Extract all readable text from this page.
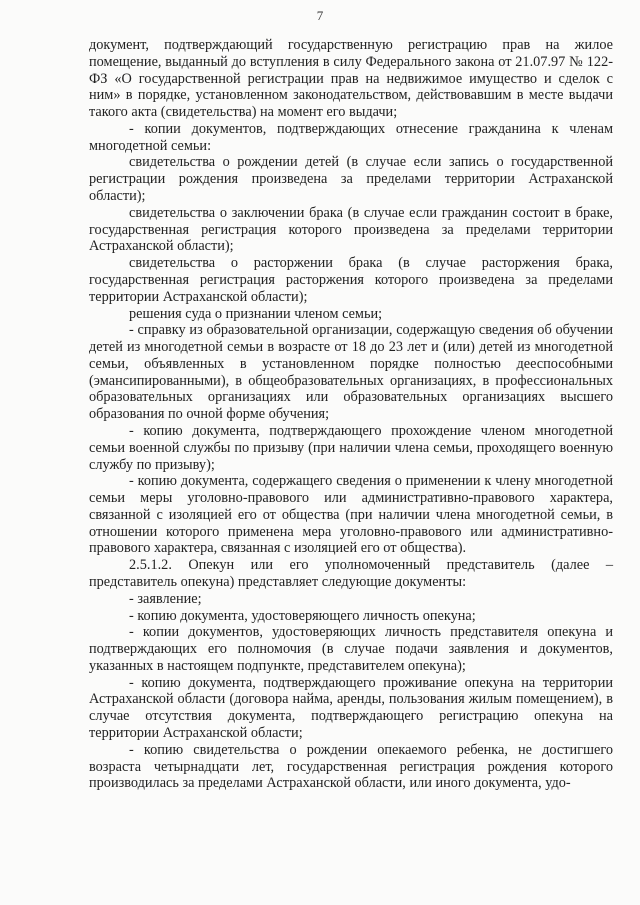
7

документ, подтверждающий государственную регистрацию прав на жилое помещение, выданный до вступления в силу Федерального закона от 21.07.97 № 122-ФЗ «О государственной регистрации прав на недвижимое имущество и сделок с ним» в порядке, установленном законодательством, действовавшим в месте выдачи такого акта (свидетельства) на момент его выдачи;

- копии документов, подтверждающих отнесение гражданина к членам многодетной семьи:

свидетельства о рождении детей (в случае если запись о государственной регистрации рождения произведена за пределами территории Астраханской области);

свидетельства о заключении брака (в случае если гражданин состоит в браке, государственная регистрация которого произведена за пределами территории Астраханской области);

свидетельства о расторжении брака (в случае расторжения брака, государственная регистрация расторжения которого произведена за пределами территории Астраханской области);

решения суда о признании членом семьи;

- справку из образовательной организации, содержащую сведения об обучении детей из многодетной семьи в возрасте от 18 до 23 лет и (или) детей из многодетной семьи, объявленных в установленном порядке полностью дееспособными (эмансипированными), в общеобразовательных организациях, в профессиональных образовательных организациях или образовательных организациях высшего образования по очной форме обучения;

- копию документа, подтверждающего прохождение членом многодетной семьи военной службы по призыву (при наличии члена семьи, проходящего военную службу по призыву);

- копию документа, содержащего сведения о применении к члену многодетной семьи меры уголовно-правового или административно-правового характера, связанной с изоляцией его от общества (при наличии члена многодетной семьи, в отношении которого применена мера уголовно-правового или административно-правового характера, связанная с изоляцией его от общества).

2.5.1.2. Опекун или его уполномоченный представитель (далее – представитель опекуна) представляет следующие документы:

- заявление;

- копию документа, удостоверяющего личность опекуна;

- копии документов, удостоверяющих личность представителя опекуна и подтверждающих его полномочия (в случае подачи заявления и документов, указанных в настоящем подпункте, представителем опекуна);

- копию документа, подтверждающего проживание опекуна на территории Астраханской области (договора найма, аренды, пользования жилым помещением), в случае отсутствия документа, подтверждающего регистрацию опекуна на территории Астраханской области;

- копию свидетельства о рождении опекаемого ребенка, не достигшего возраста четырнадцати лет, государственная регистрация рождения которого производилась за пределами Астраханской области, или иного документа, удо-
